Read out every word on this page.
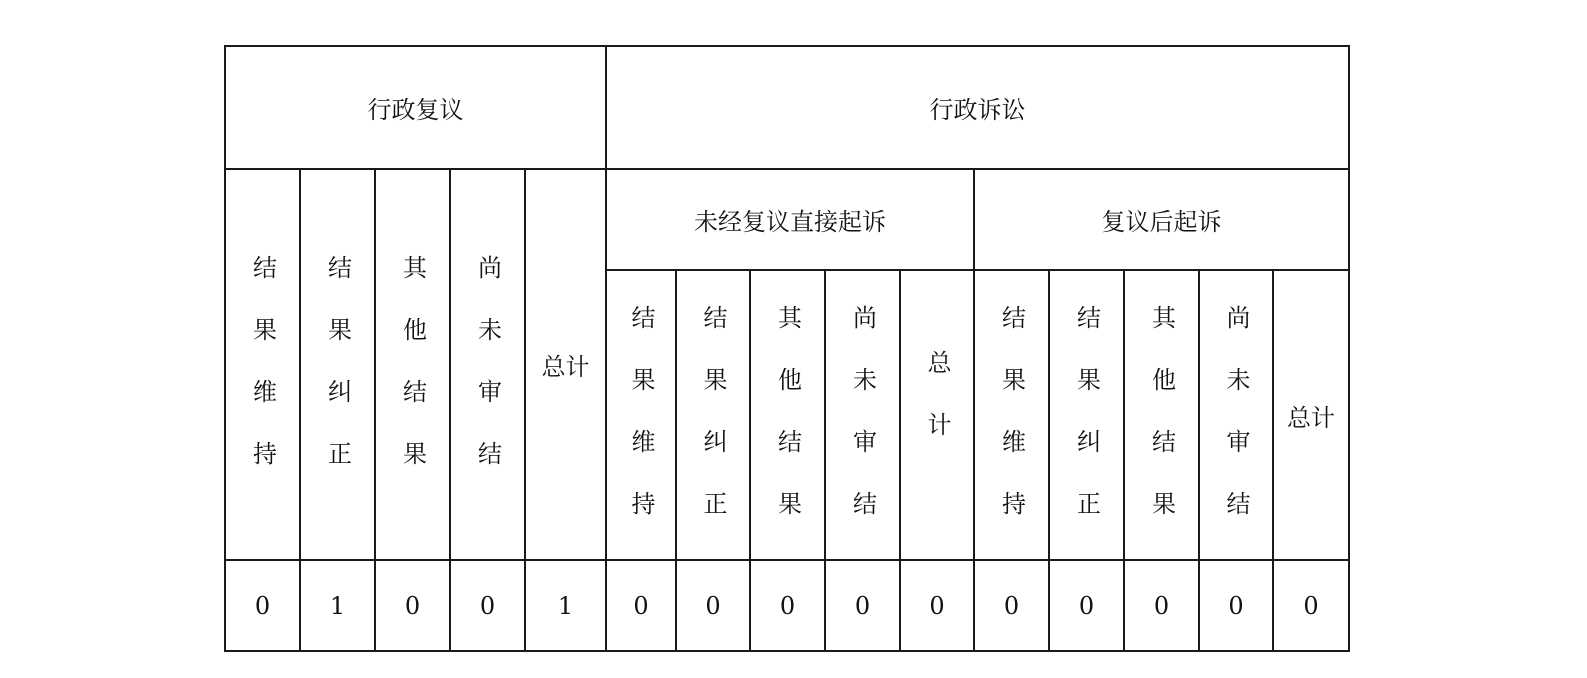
行政复议					行政诉讼									
结果维持	结果纠正	其他结果	尚未审结	总计	未经复议直接起诉					复议后起诉				
					结果维持	结果纠正	其他结果	尚未审结	总计	结果维持	结果纠正	其他结果	尚未审结	总计
0	1	0	0	1	0	0	0	0	0	0	0	0	0	0
